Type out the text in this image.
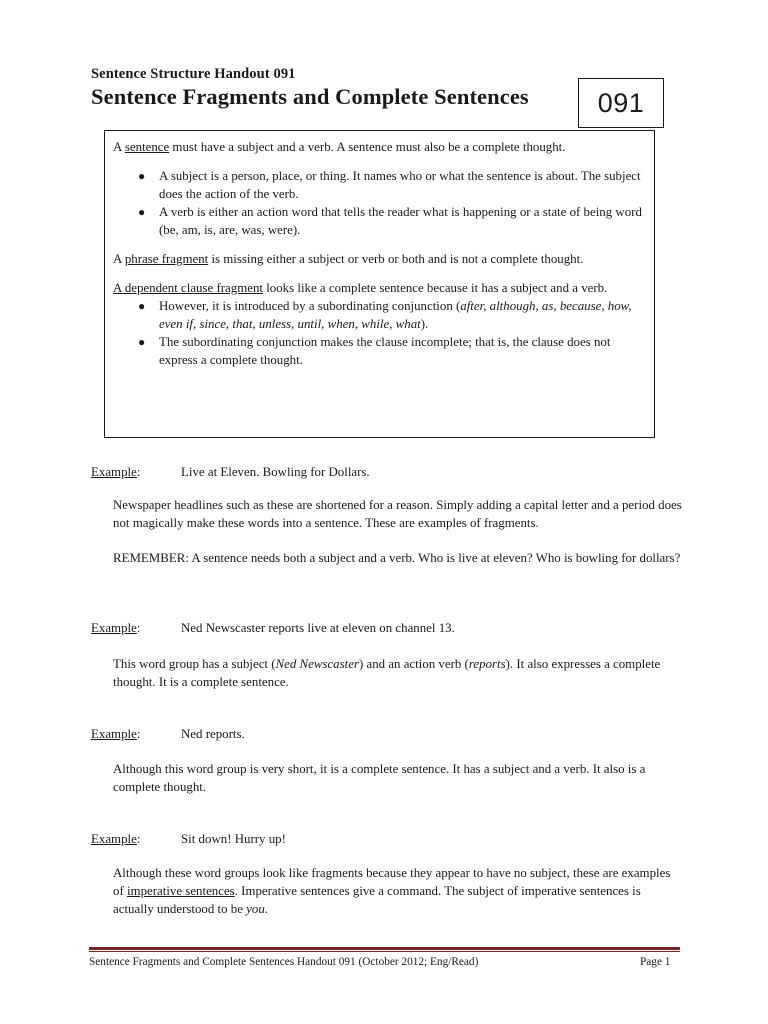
Sentence Structure Handout 091
Sentence Fragments and Complete Sentences	091

A sentence must have a subject and a verb. A sentence must also be a complete thought.

● A subject is a person, place, or thing. It names who or what the sentence is about. The subject does the action of the verb.
● A verb is either an action word that tells the reader what is happening or a state of being word (be, am, is, are, was, were).

A phrase fragment is missing either a subject or verb or both and is not a complete thought.

A dependent clause fragment looks like a complete sentence because it has a subject and a verb.

● However, it is introduced by a subordinating conjunction (after, although, as, because, how, even if, since, that, unless, until, when, while, what).
● The subordinating conjunction makes the clause incomplete; that is, the clause does not express a complete thought.
Example:	Live at Eleven. Bowling for Dollars.
Newspaper headlines such as these are shortened for a reason. Simply adding a capital letter and a period does not magically make these words into a sentence. These are examples of fragments.
REMEMBER: A sentence needs both a subject and a verb. Who is live at eleven? Who is bowling for dollars?
Example:	Ned Newscaster reports live at eleven on channel 13.
This word group has a subject (Ned Newscaster) and an action verb (reports). It also expresses a complete thought. It is a complete sentence.
Example:	Ned reports.
Although this word group is very short, it is a complete sentence. It has a subject and a verb. It also is a complete thought.
Example:	Sit down! Hurry up!
Although these word groups look like fragments because they appear to have no subject, these are examples of imperative sentences. Imperative sentences give a command. The subject of imperative sentences is actually understood to be you.
Sentence Fragments and Complete Sentences Handout 091 (October 2012; Eng/Read)	Page 1
